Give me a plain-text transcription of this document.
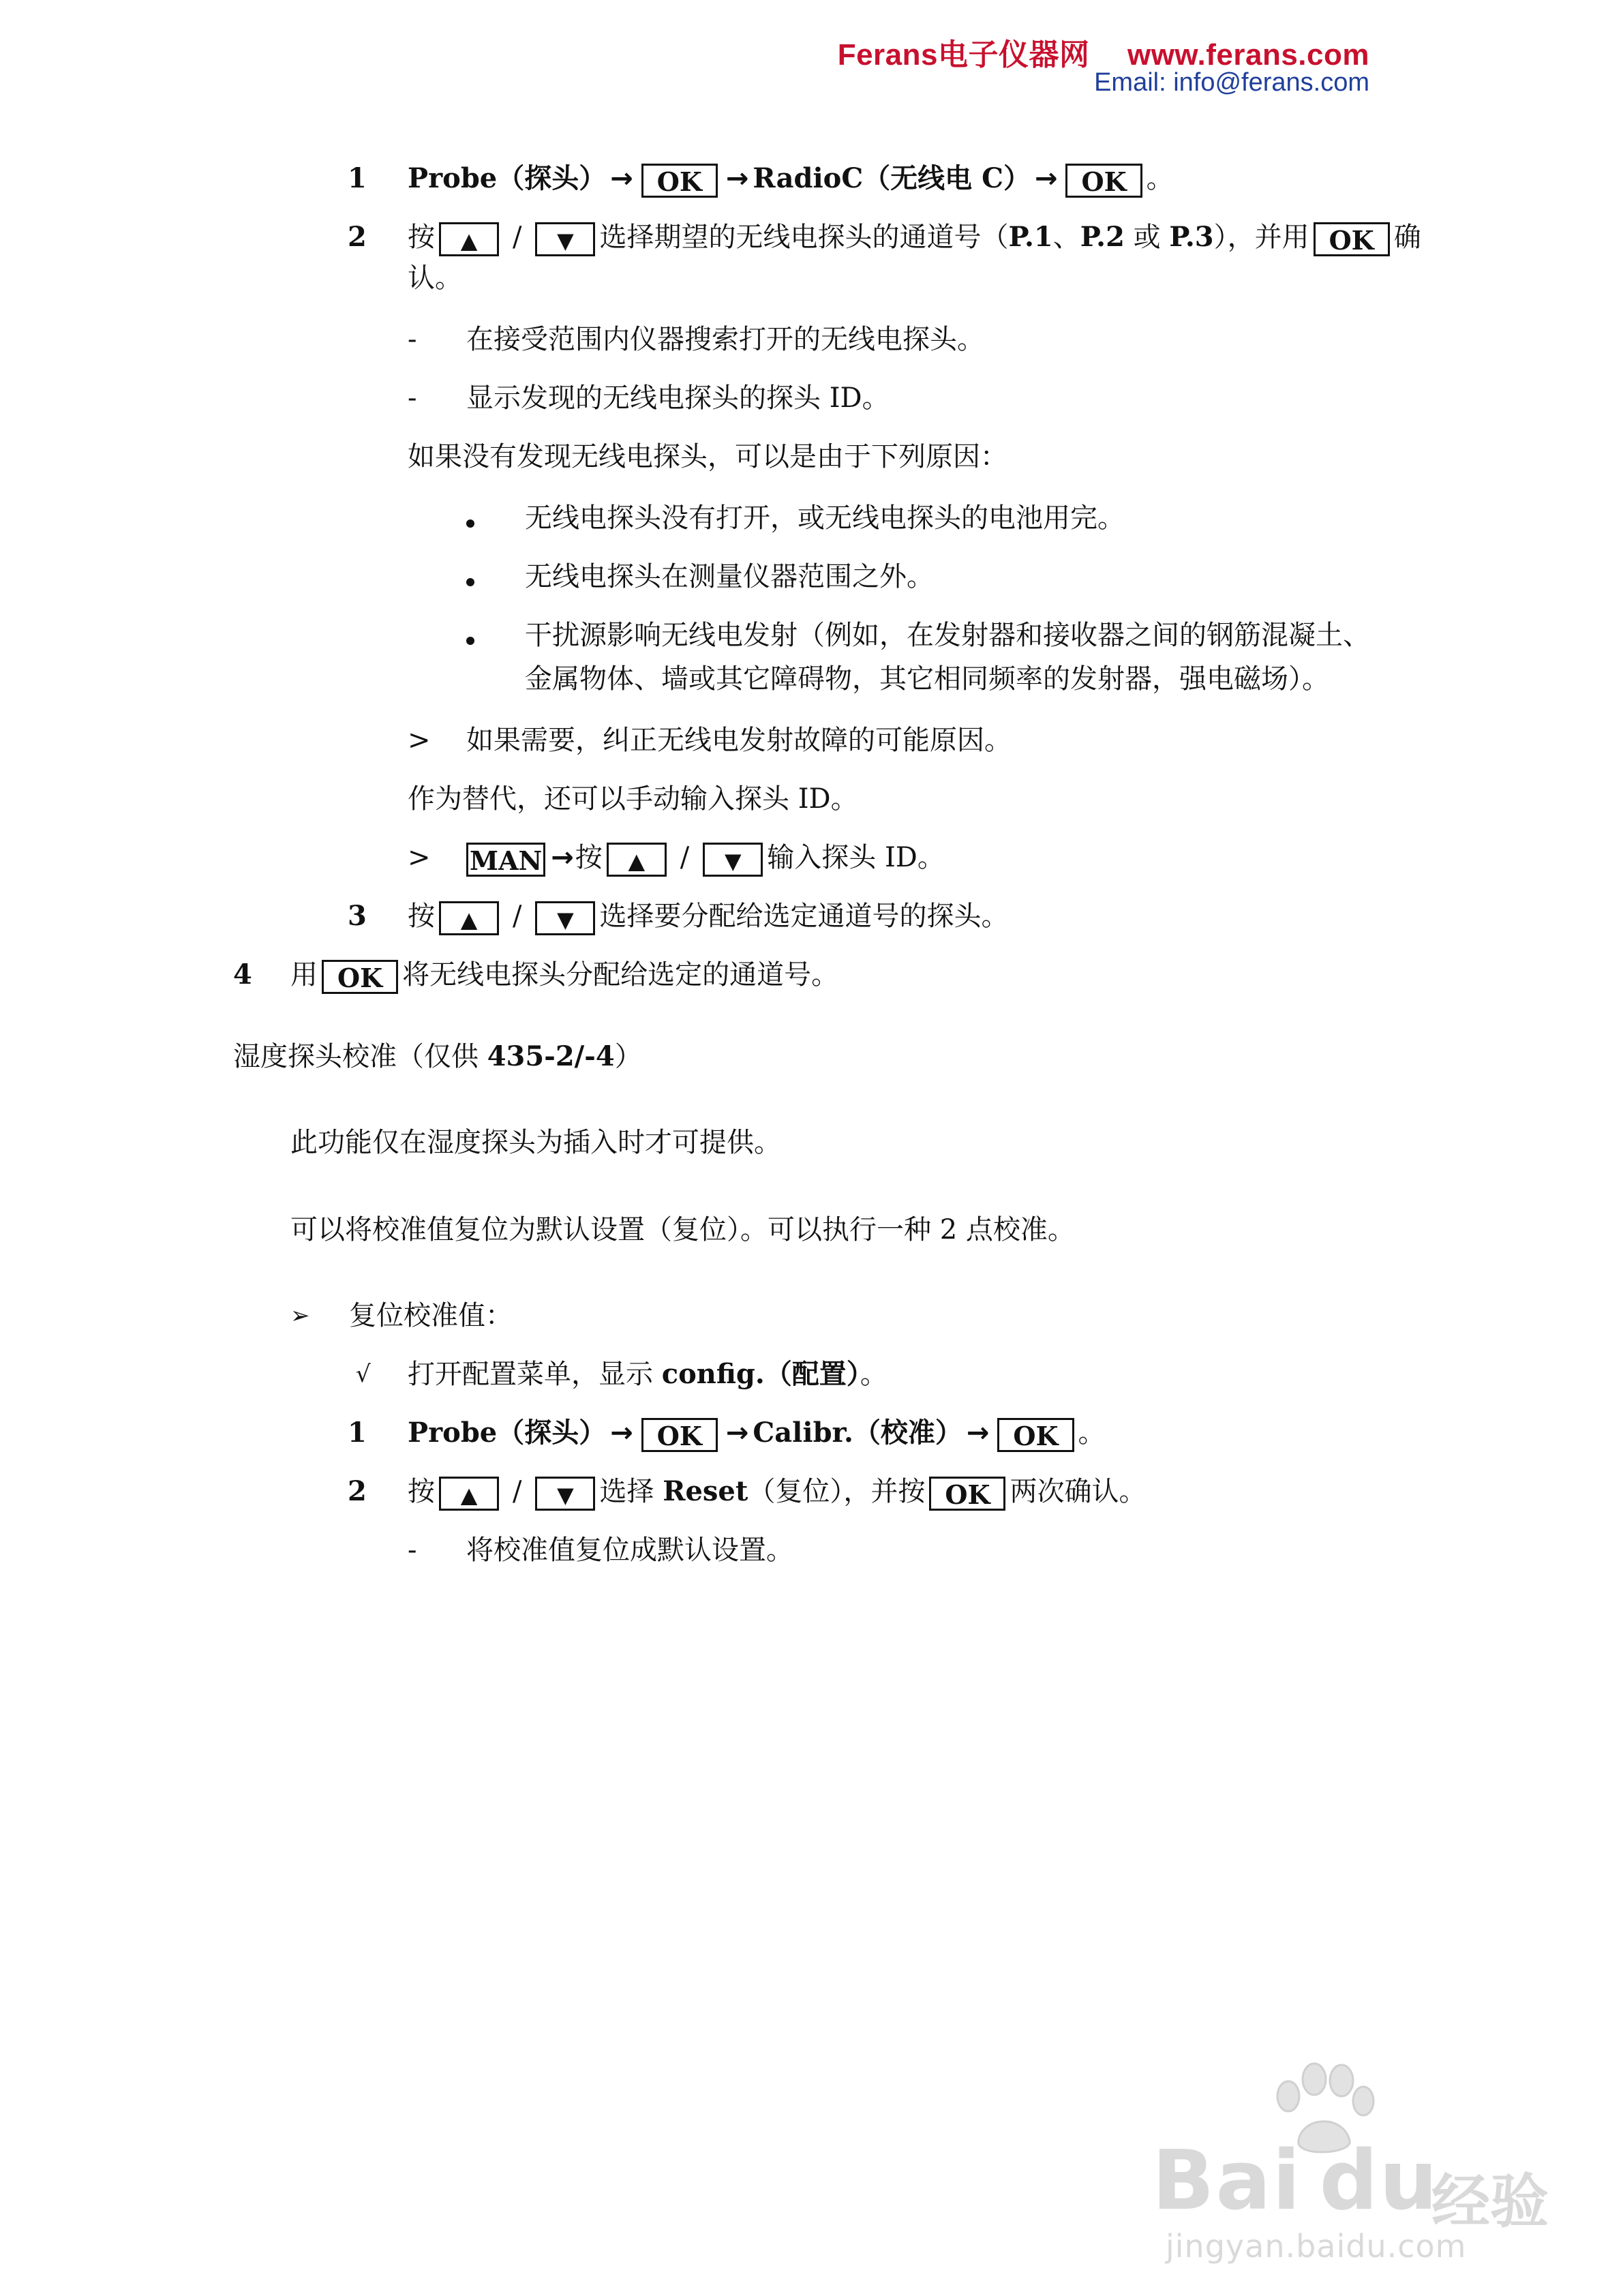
Ferans电子仪器网 www.ferans.com
Email: info@ferans.com
1 Probe（探头） → OK → RadioC（无线电 C） → OK 。
2 按 ▲ / ▼ 选择期望的无线电探头的通道号（P.1、P.2 或 P.3），并用 OK 确
认。
- 在接受范围内仪器搜索打开的无线电探头。
- 显示发现的无线电探头的探头 ID。
如果没有发现无线电探头，可以是由于下列原因：
无线电探头没有打开，或无线电探头的电池用完。
无线电探头在测量仪器范围之外。
干扰源影响无线电发射（例如，在发射器和接收器之间的钢筋混凝土、
金属物体、墙或其它障碍物，其它相同频率的发射器，强电磁场）。
> 如果需要，纠正无线电发射故障的可能原因。
作为替代，还可以手动输入探头 ID。
> MAN →按 ▲ / ▼ 输入探头 ID。
3 按 ▲ / ▼ 选择要分配给选定通道号的探头。
4 用 OK 将无线电探头分配给选定的通道号。
湿度探头校准（仅供 435-2/-4）
此功能仅在湿度探头为插入时才可提供。
可以将校准值复位为默认设置（复位）。可以执行一种 2 点校准。
➢ 复位校准值：
√ 打开配置菜单，显示 config.（配置）。
1 Probe（探头） → OK → Calibr.（校准） → OK 。
2 按 ▲ / ▼ 选择 Reset（复位），并按 OK 两次确认。
- 将校准值复位成默认设置。
Bai du
经验
jingyan.baidu.com
